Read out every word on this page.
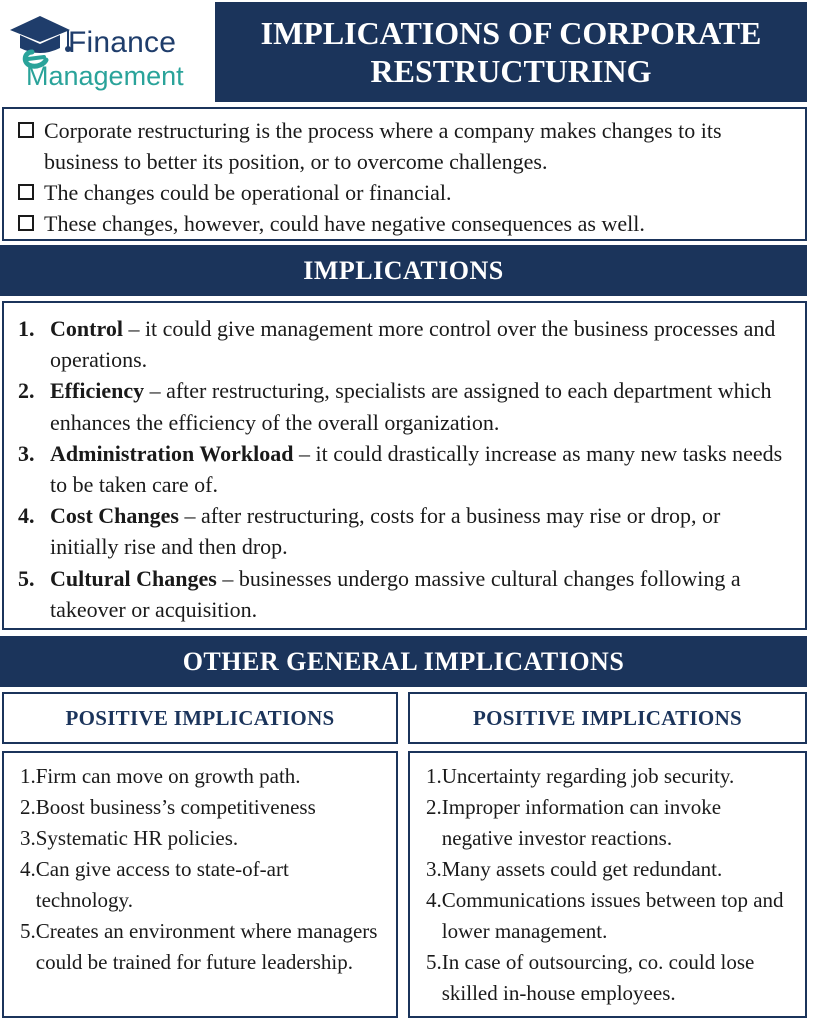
Finance
Management
IMPLICATIONS OF CORPORATE RESTRUCTURING
Corporate restructuring is the process where a company makes changes to its business to better its position, or to overcome challenges.
The changes could be operational or financial.
These changes, however, could have negative consequences as well.
IMPLICATIONS
1. Control – it could give management more control over the business processes and operations.
2. Efficiency – after restructuring, specialists are assigned to each department which enhances the efficiency of the overall organization.
3. Administration Workload – it could drastically increase as many new tasks needs to be taken care of.
4. Cost Changes – after restructuring, costs for a business may rise or drop, or initially rise and then drop.
5. Cultural Changes – businesses undergo massive cultural changes following a takeover or acquisition.
OTHER GENERAL IMPLICATIONS
POSITIVE IMPLICATIONS	POSITIVE IMPLICATIONS
1. Firm can move on growth path.
2. Boost business’s competitiveness
3. Systematic HR policies.
4. Can give access to state-of-art technology.
5. Creates an environment where managers could be trained for future leadership.
1. Uncertainty regarding job security.
2. Improper information can invoke negative investor reactions.
3. Many assets could get redundant.
4. Communications issues between top and lower management.
5. In case of outsourcing, co. could lose skilled in-house employees.
